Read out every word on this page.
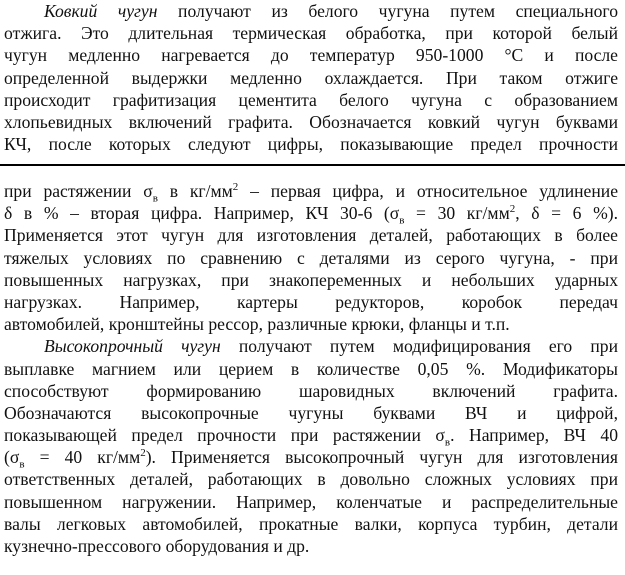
Ковкий чугун получают из белого чугуна путем специального
отжига. Это длительная термическая обработка, при которой белый
чугун медленно нагревается до температур 950-1000 °С и после
определенной выдержки медленно охлаждается. При таком отжиге
происходит графитизация цементита белого чугуна с образованием
хлопьевидных включений графита. Обозначается ковкий чугун буквами
КЧ, после которых следуют цифры, показывающие предел прочности
при растяжении $\sigma_в$ в $кг/мм^2$ – первая цифра, и относительное удлинение
δ в % – вторая цифра. Например, КЧ 30-6 ($\sigma_в = 30$ $кг/мм^2$, δ = 6 %).
Применяется этот чугун для изготовления деталей, работающих в более
тяжелых условиях по сравнению с деталями из серого чугуна, - при
повышенных нагрузках, при знакопеременных и небольших ударных
нагрузках. Например, картеры редукторов, коробок передач
автомобилей, кронштейны рессор, различные крюки, фланцы и т.п.
Высокопрочный чугун получают путем модифицирования его при
выплавке магнием или церием в количестве 0,05 %. Модификаторы
способствуют формированию шаровидных включений графита.
Обозначаются высокопрочные чугуны буквами ВЧ и цифрой,
показывающей предел прочности при растяжении $\sigma_в$. Например, ВЧ 40
($\sigma_в = 40$ $кг/мм^2$). Применяется высокопрочный чугун для изготовления
ответственных деталей, работающих в довольно сложных условиях при
повышенном нагружении. Например, коленчатые и распределительные
валы легковых автомобилей, прокатные валки, корпуса турбин, детали
кузнечно-прессового оборудования и др.
